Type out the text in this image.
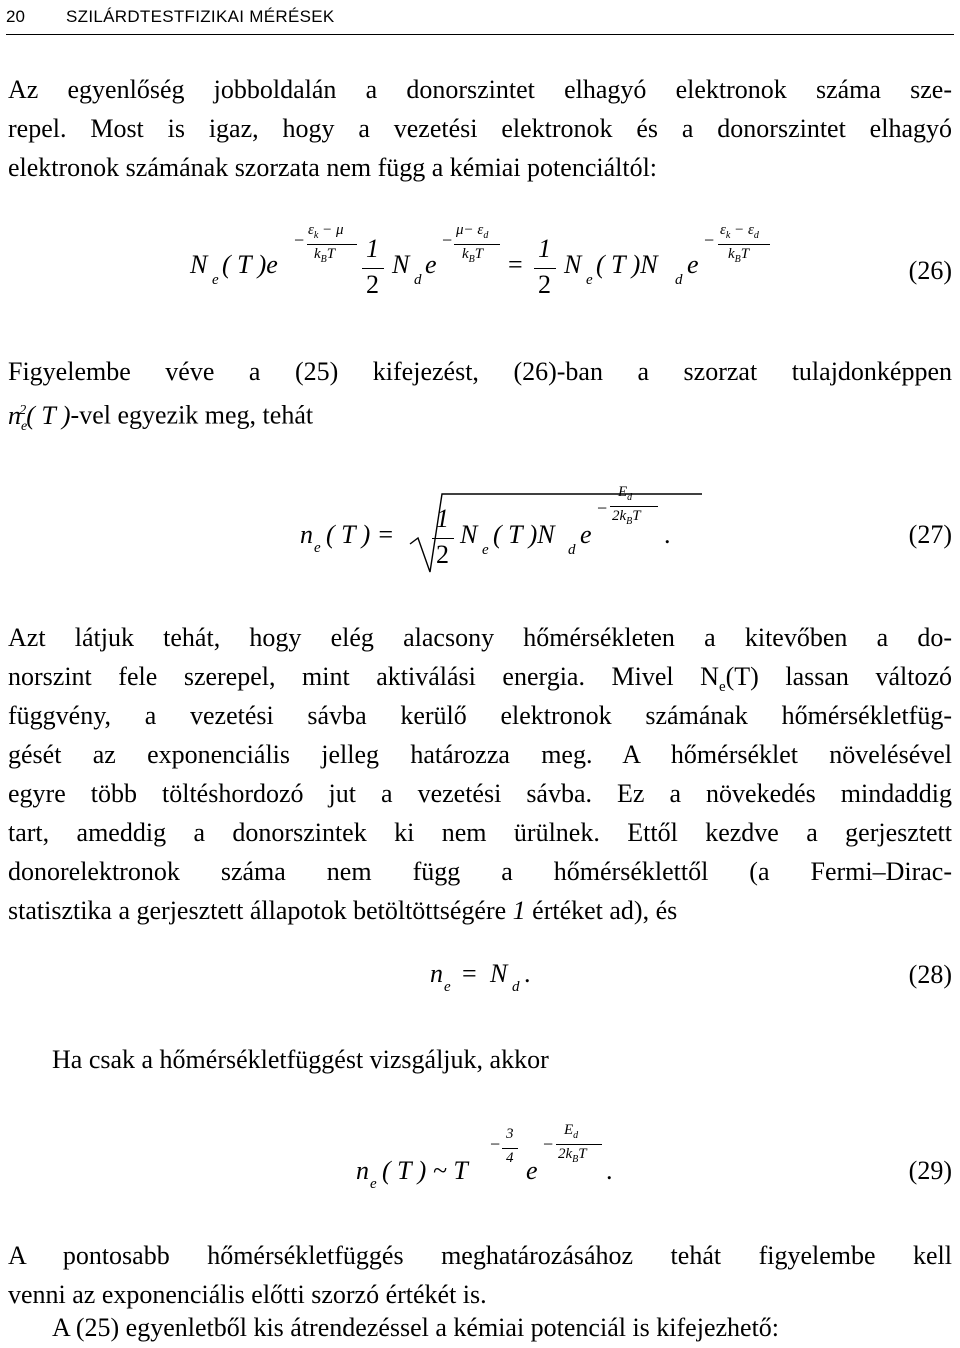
20 SZILÁRDTESTFIZIKAI MÉRÉSEK
Az egyenlőség jobboldalán a donorszintet elhagyó elektronok száma sze-
repel. Most is igaz, hogy a vezetési elektronok és a donorszintet elhagyó
elektronok számának szorzata nem függ a kémiai potenciáltól:
N
e
( T )e
− $\varepsilon_k - \mu$
$k_BT$ 1
2
N
d
e
− $\mu- \varepsilon_d$
$k_BT$ =
1
2
N
e
( T )N
d
e
− $\varepsilon_k - \varepsilon_d$
$k_BT$
(26)
Figyelembe véve a (25) kifejezést, (26)-ban a szorzat tulajdonképpen
$n_e^2$( T )-vel egyezik meg, tehát
n e ( T ) =
1
2
N
e
( T )N
d
e
−
$E_d$
$2k_BT$
.	(27)
Azt látjuk tehát, hogy elég alacsony hőmérsékleten a kitevőben a do-
norszint fele szerepel, mint aktiválási energia. Mivel $N_e(T)$ lassan változó
függvény, a vezetési sávba kerülő elektronok számának hőmérsékletfüg-
gését az exponenciális jelleg határozza meg. A hőmérséklet növelésével
egyre több töltéshordozó jut a vezetési sávba. Ez a növekedés mindaddig
tart, ameddig a donorszintek ki nem ürülnek. Ettől kezdve a gerjesztett
donorelektronok száma nem függ a hőmérséklettől (a Fermi–Dirac-
statisztika a gerjesztett állapotok betöltöttségére 1 értéket ad), és
n e = N d .	(28)
Ha csak a hőmérsékletfüggést vizsgáljuk, akkor
n e ( T ) ~ T
− 3
4 e
−
$E_d$
$2k_BT$
.	(29)
A pontosabb hőmérsékletfüggés meghatározásához tehát figyelembe kell
venni az exponenciális előtti szorzó értékét is.
A (25) egyenletből kis átrendezéssel a kémiai potenciál is kifejezhető:
